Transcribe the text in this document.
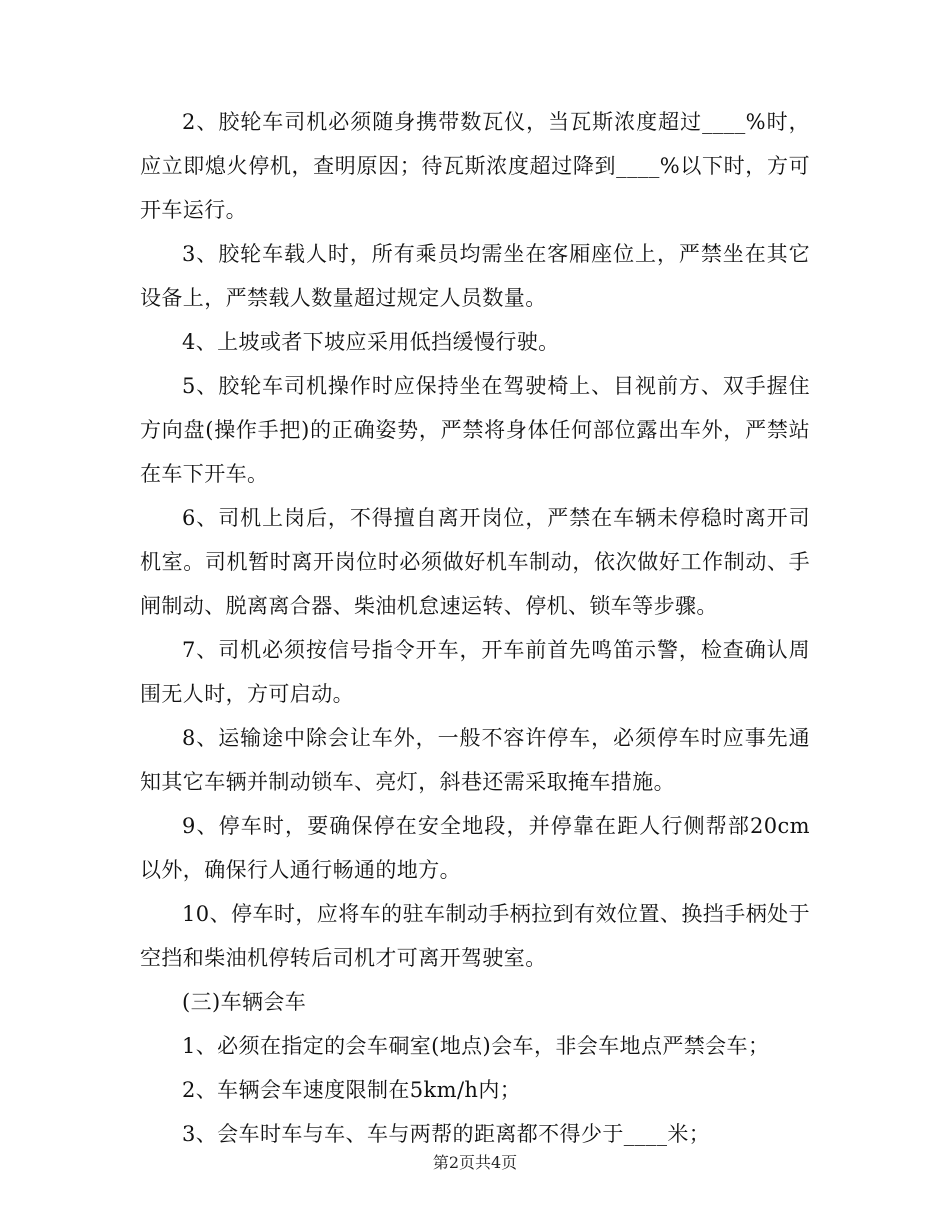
2、胶轮车司机必须随身携带数瓦仪，当瓦斯浓度超过____%时，应立即熄火停机，查明原因；待瓦斯浓度超过降到____%以下时，方可开车运行。

3、胶轮车载人时，所有乘员均需坐在客厢座位上，严禁坐在其它设备上，严禁载人数量超过规定人员数量。

4、上坡或者下坡应采用低挡缓慢行驶。

5、胶轮车司机操作时应保持坐在驾驶椅上、目视前方、双手握住方向盘(操作手把)的正确姿势，严禁将身体任何部位露出车外，严禁站在车下开车。

6、司机上岗后，不得擅自离开岗位，严禁在车辆未停稳时离开司机室。司机暂时离开岗位时必须做好机车制动，依次做好工作制动、手闸制动、脱离离合器、柴油机怠速运转、停机、锁车等步骤。

7、司机必须按信号指令开车，开车前首先鸣笛示警，检查确认周围无人时，方可启动。

8、运输途中除会让车外，一般不容许停车，必须停车时应事先通知其它车辆并制动锁车、亮灯，斜巷还需采取掩车措施。

9、停车时，要确保停在安全地段，并停靠在距人行侧帮部20cm以外，确保行人通行畅通的地方。

10、停车时，应将车的驻车制动手柄拉到有效位置、换挡手柄处于空挡和柴油机停转后司机才可离开驾驶室。

(三)车辆会车

1、必须在指定的会车硐室(地点)会车，非会车地点严禁会车；

2、车辆会车速度限制在5km/h内；

3、会车时车与车、车与两帮的距离都不得少于____米；

第2页共4页
